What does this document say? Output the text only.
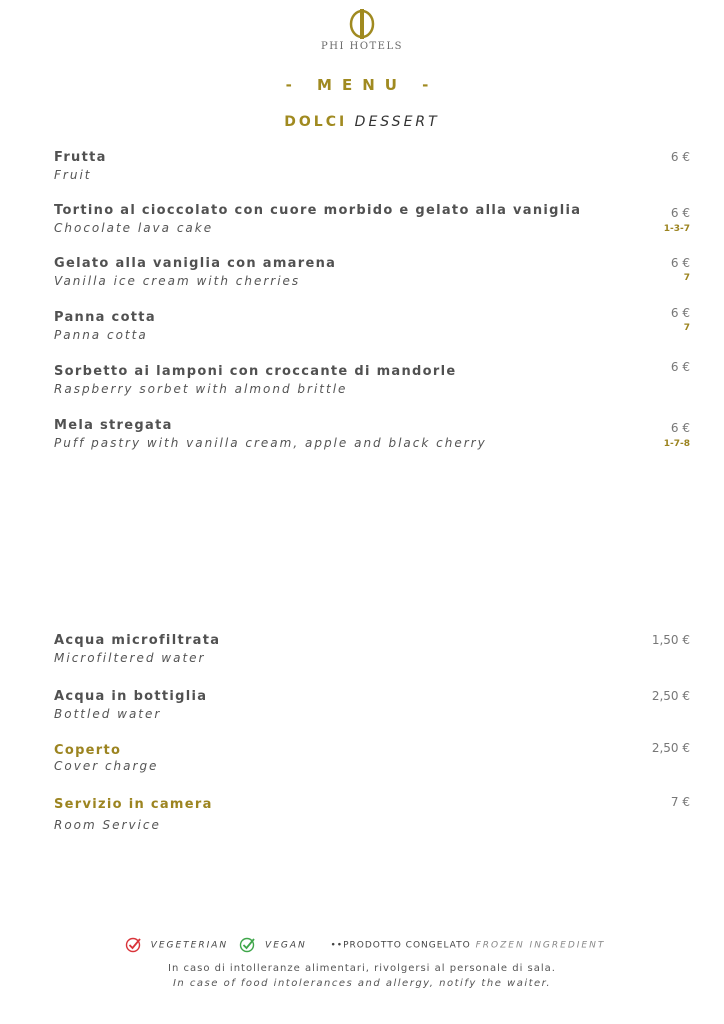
PHI HOTELS
- MENU -
DOLCI DESSERT
Frutta
Fruit
6 €
Tortino al cioccolato con cuore morbido e gelato alla vaniglia
Chocolate lava cake
6 €
1-3-7
Gelato alla vaniglia con amarena
Vanilla ice cream with cherries
6 €
7
Panna cotta
Panna cotta
6 €
7
Sorbetto ai lamponi con croccante di mandorle
Raspberry sorbet with almond brittle
6 €
Mela stregata
Puff pastry with vanilla cream, apple and black cherry
6 €
1-7-8
Acqua microfiltrata
Microfiltered water
1,50 €
Acqua in bottiglia
Bottled water
2,50 €
Coperto
Cover charge
2,50 €
Servizio in camera
Room Service
7 €
VEGETERIAN	VEGAN	••PRODOTTO CONGELATO FROZEN INGREDIENT
In caso di intolleranze alimentari, rivolgersi al personale di sala.
In case of food intolerances and allergy, notify the waiter.
